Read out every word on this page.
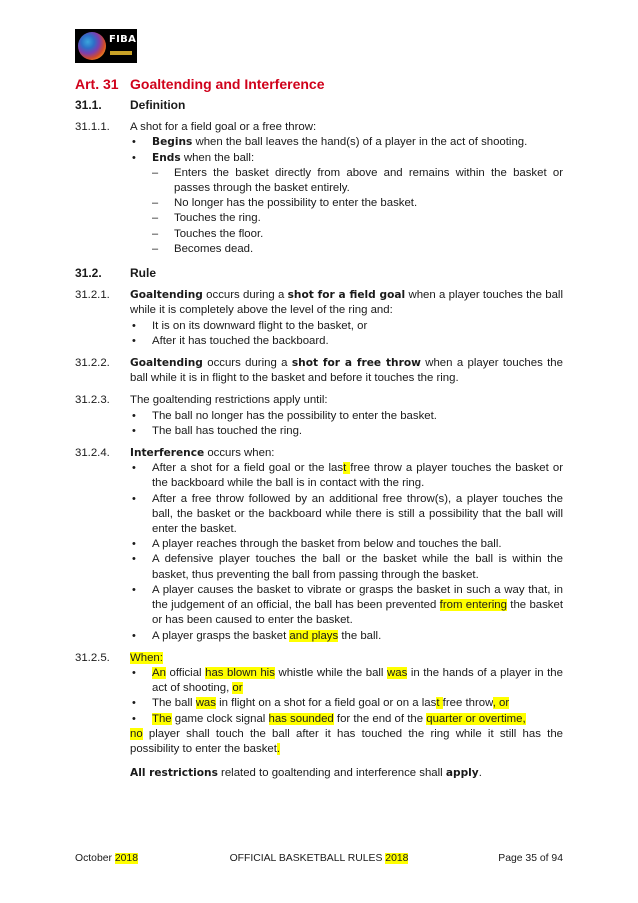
FIBA
Art. 31 Goaltending and Interference
31.1. Definition
31.1.1. A shot for a field goal or a free throw:
• Begins when the ball leaves the hand(s) of a player in the act of shooting.
• Ends when the ball:
– Enters the basket directly from above and remains within the basket or passes through the basket entirely.
– No longer has the possibility to enter the basket.
– Touches the ring.
– Touches the floor.
– Becomes dead.
31.2. Rule
31.2.1. Goaltending occurs during a shot for a field goal when a player touches the ball while it is completely above the level of the ring and:
• It is on its downward flight to the basket, or
• After it has touched the backboard.
31.2.2. Goaltending occurs during a shot for a free throw when a player touches the ball while it is in flight to the basket and before it touches the ring.
31.2.3. The goaltending restrictions apply until:
• The ball no longer has the possibility to enter the basket.
• The ball has touched the ring.
31.2.4. Interference occurs when:
• After a shot for a field goal or the last free throw a player touches the basket or the backboard while the ball is in contact with the ring.
• After a free throw followed by an additional free throw(s), a player touches the ball, the basket or the backboard while there is still a possibility that the ball will enter the basket.
• A player reaches through the basket from below and touches the ball.
• A defensive player touches the ball or the basket while the ball is within the basket, thus preventing the ball from passing through the basket.
• A player causes the basket to vibrate or grasps the basket in such a way that, in the judgement of an official, the ball has been prevented from entering the basket or has been caused to enter the basket.
• A player grasps the basket and plays the ball.
31.2.5. When:
• An official has blown his whistle while the ball was in the hands of a player in the act of shooting, or
• The ball was in flight on a shot for a field goal or on a last free throw, or
• The game clock signal has sounded for the end of the quarter or overtime,
no player shall touch the ball after it has touched the ring while it still has the possibility to enter the basket.
All restrictions related to goaltending and interference shall apply.
October 2018	OFFICIAL BASKETBALL RULES 2018	Page 35 of 94
